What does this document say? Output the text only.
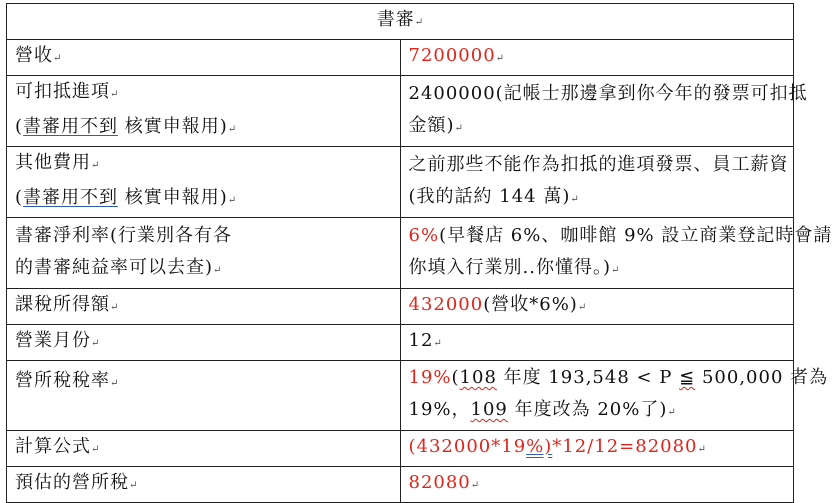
書審↵	
營收↵	7200000↵

可扣抵進項↵
(書審用不到 核實申報用)↵	2400000(記帳士那邊拿到你今年的發票可扣抵
金額)↵

其他費用↵
(書審用不到 核實申報用)↵	之前那些不能作為扣抵的進項發票、員工薪資
(我的話約 144 萬)↵

書審淨利率(行業別各有各
的書審純益率可以去查)↵	6%(早餐店 6%、咖啡館 9% 設立商業登記時會請
你填入行業別..你懂得。)↵

課稅所得額↵	432000(營收*6%)↵
營業月份↵	12↵
營所稅稅率↵	19%(108 年度 193,548 < P ≦ 500,000 者為
19%，109 年度改為 20%了)↵

計算公式↵	(432000*19%)*12/12=82080↵
預估的營所稅↵	82080↵
